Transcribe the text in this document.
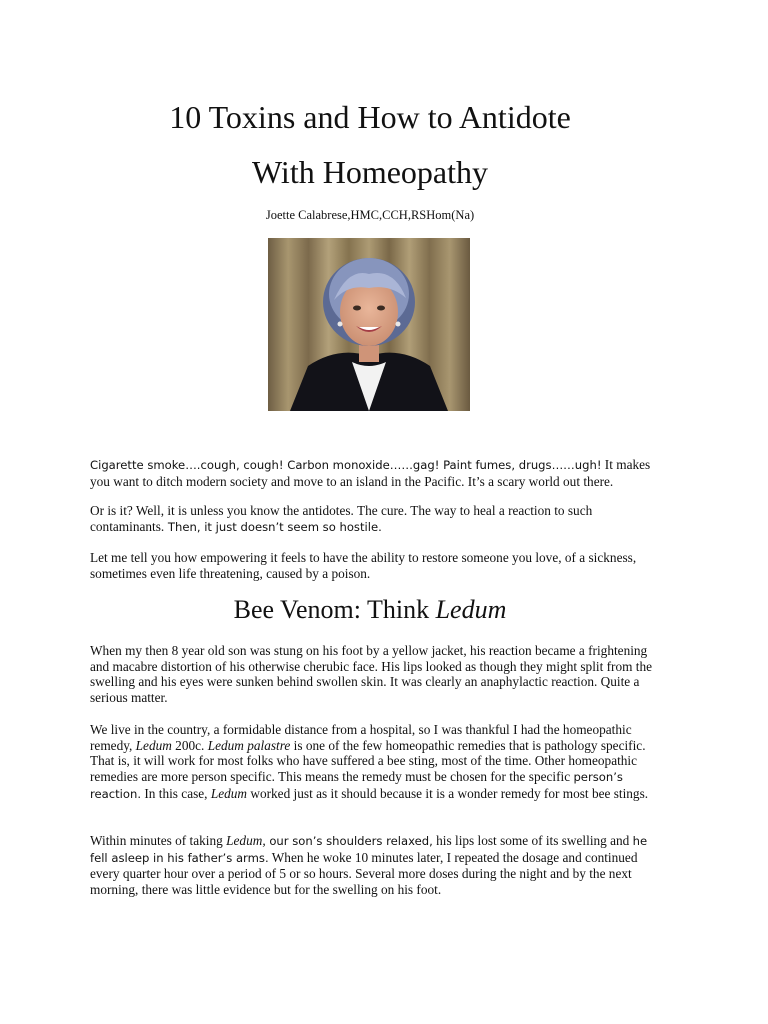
10 Toxins and How to Antidote
With Homeopathy
Joette Calabrese,HMC,CCH,RSHom(Na)

Cigarette smoke….cough, cough! Carbon monoxide……gag! Paint fumes, drugs……ugh! It makes you want to ditch modern society and move to an island in the Pacific. It’s a scary world out there.

Or is it? Well, it is unless you know the antidotes. The cure. The way to heal a reaction to such contaminants. Then, it just doesn’t seem so hostile.

Let me tell you how empowering it feels to have the ability to restore someone you love, of a sickness, sometimes even life threatening, caused by a poison.

Bee Venom: Think Ledum

When my then 8 year old son was stung on his foot by a yellow jacket, his reaction became a frightening and macabre distortion of his otherwise cherubic face. His lips looked as though they might split from the swelling and his eyes were sunken behind swollen skin. It was clearly an anaphylactic reaction. Quite a serious matter.

We live in the country, a formidable distance from a hospital, so I was thankful I had the homeopathic remedy, Ledum 200c. Ledum palastre is one of the few homeopathic remedies that is pathology specific. That is, it will work for most folks who have suffered a bee sting, most of the time. Other homeopathic remedies are more person specific. This means the remedy must be chosen for the specific person’s reaction. In this case, Ledum worked just as it should because it is a wonder remedy for most bee stings.

Within minutes of taking Ledum, our son’s shoulders relaxed, his lips lost some of its swelling and he fell asleep in his father’s arms. When he woke 10 minutes later, I repeated the dosage and continued every quarter hour over a period of 5 or so hours. Several more doses during the night and by the next morning, there was little evidence but for the swelling on his foot.
